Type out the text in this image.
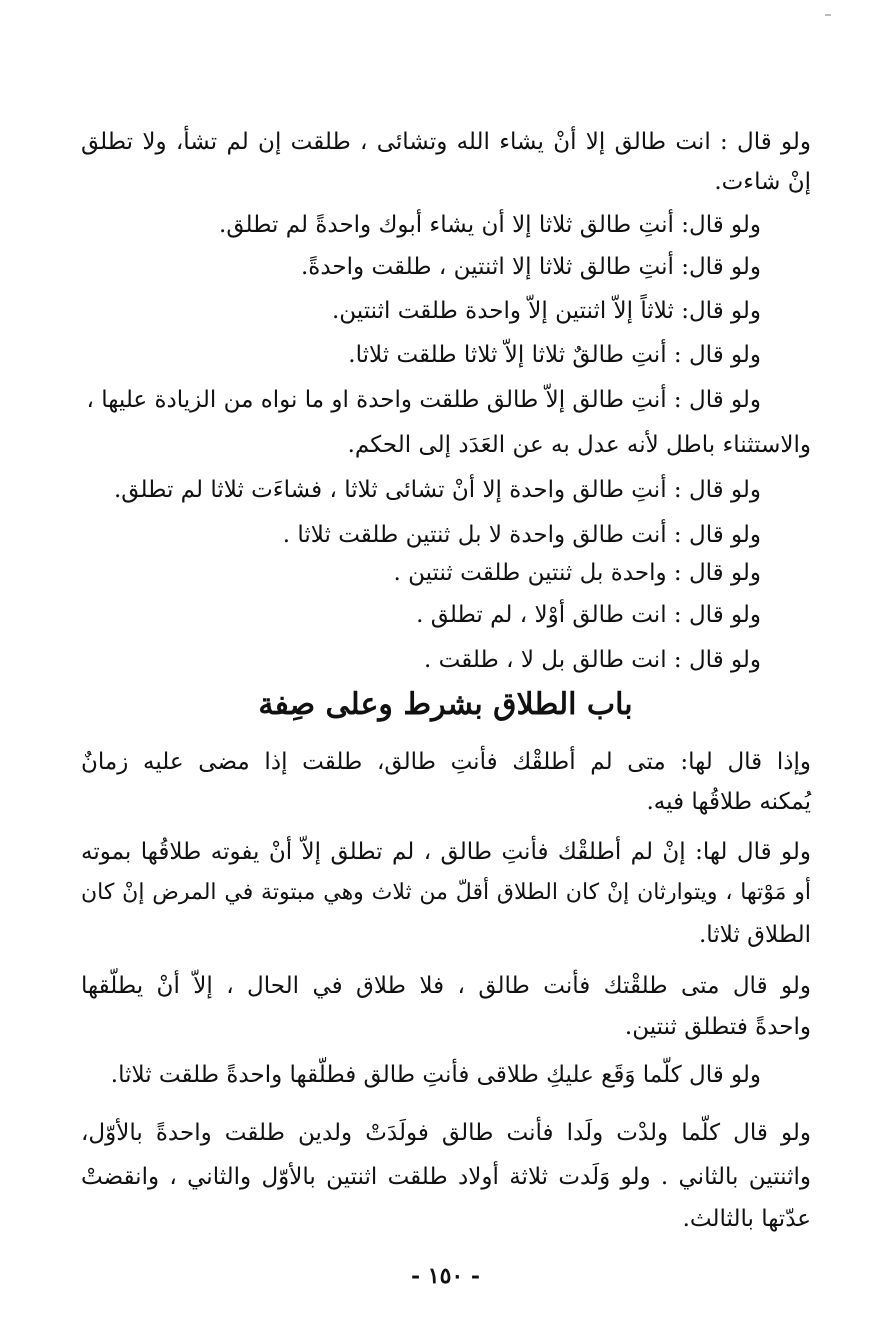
ولو قال : انت طالق إلا أنْ يشاء الله وتشائى ، طلقت إن لم تشأ، ولا تطلق
إنْ شاءت.
ولو قال: أنتِ طالق ثلاثا إلا أن يشاء أبوك واحدةً لم تطلق.
ولو قال: أنتِ طالق ثلاثا إلا اثنتين ، طلقت واحدةً.
ولو قال: ثلاثاً إلاّ اثنتين إلاّ واحدة طلقت اثنتين.
ولو قال : أنتِ طالقٌ ثلاثا إلاّ ثلاثا طلقت ثلاثا.
ولو قال : أنتِ طالق إلاّ طالق طلقت واحدة او ما نواه من الزيادة عليها ،
والاستثناء باطل لأنه عدل به عن العَدَد إلى الحكم.
ولو قال : أنتِ طالق واحدة إلا أنْ تشائى ثلاثا ، فشاءَت ثلاثا لم تطلق.
ولو قال : أنت طالق واحدة لا بل ثنتين طلقت ثلاثا .
ولو قال : واحدة بل ثنتين طلقت ثنتين .
ولو قال : انت طالق أوْلا ، لم تطلق .
ولو قال : انت طالق بل لا ، طلقت .
باب الطلاق بشرط وعلى صِفة
وإذا قال لها: متى لم أطلقْك فأنتِ طالق، طلقت إذا مضى عليه زمانٌ
يُمكنه طلاقُها فيه.
ولو قال لها: إنْ لم أطلقْك فأنتِ طالق ، لم تطلق إلاّ أنْ يفوته طلاقُها بموته
أو مَوْتها ، ويتوارثان إنْ كان الطلاق أقلّ من ثلاث وهي مبتوتة في المرض إنْ كان
الطلاق ثلاثا.
ولو قال متى طلقْتك فأنت طالق ، فلا طلاق في الحال ، إلاّ أنْ يطلّقها
واحدةً فتطلق ثنتين.
ولو قال كلّما وَقَع عليكِ طلاقى فأنتِ طالق فطلّقها واحدةً طلقت ثلاثا.
ولو قال كلّما ولدْت ولَدا فأنت طالق فولَدَتْ ولدين طلقت واحدةً بالأوّل،
واثنتين بالثاني . ولو وَلَدت ثلاثة أولاد طلقت اثنتين بالأوّل والثاني ، وانقضتْ
عدّتها بالثالث.
- ١٥٠ -
